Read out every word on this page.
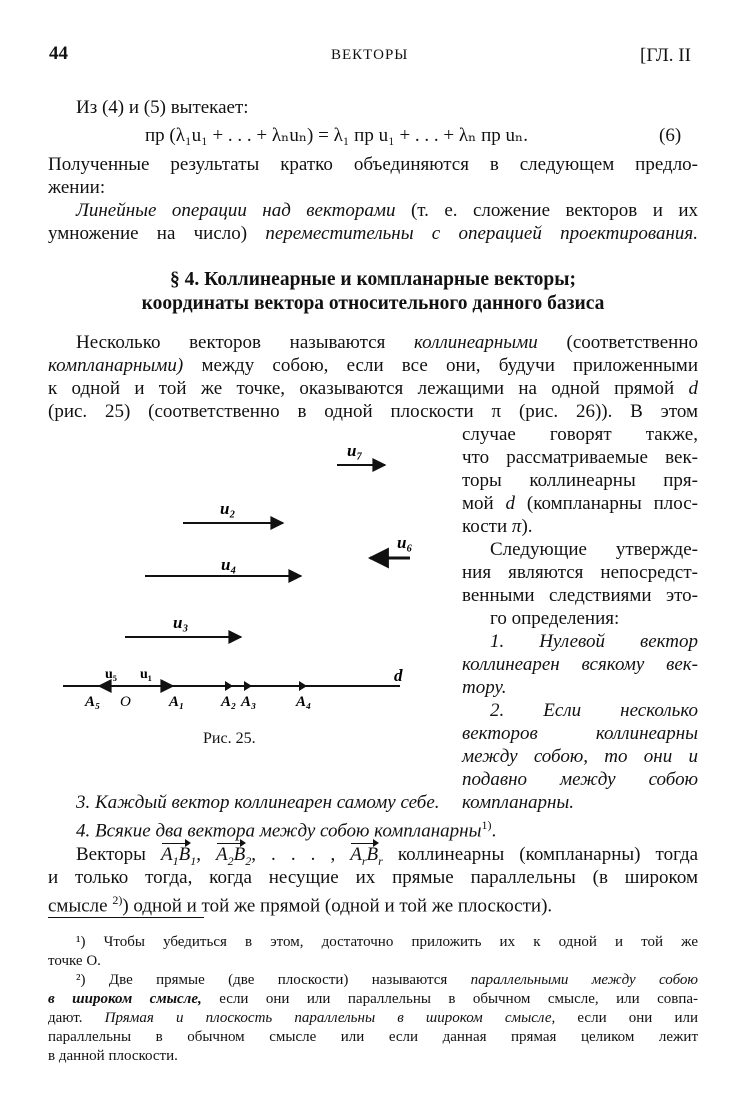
44	ВЕКТОРЫ	[ГЛ. II
Из (4) и (5) вытекает:
пр (λ₁u₁ + . . . + λₙuₙ) = λ₁ пр u₁ + . . . + λₙ пр uₙ.	(6)
Полученные результаты кратко объединяются в следующем предло-
жении:
Линейные операции над векторами (т. е. сложение векторов и их
умножение на число) переместительны с операцией проектирования.
§ 4. Коллинеарные и компланарные векторы;
координаты вектора относительного данного базиса
Несколько векторов называются коллинеарными (соответственно
компланарными) между собою, если все они, будучи приложенными
к одной и той же точке, оказываются лежащими на одной прямой d
(рис. 25) (соответственно в одной плоскости π (рис. 26)). В этом
случае говорят также,
что рассматриваемые век-
торы коллинеарны пря-
мой d (компланарны плос-
кости π).
Следующие утвержде-
ния являются непосредст-
венными следствиями это-
го определения:
1. Нулевой вектор
коллинеарен всякому век-
тору.
2. Если несколько
векторов коллинеарны
между собою, то они и
подавно между собою
компланарны.
u₇
u₂
u₆
u₄
u₃
d
u₅ u₁
A₅ O	A₁ A₂ A₃	A₄
Рис. 25.
3. Каждый вектор коллинеарен самому себе.
4. Всякие два вектора между собою компланарны$^{1)}$.
Векторы $A_1B_1$, $A_2B_2$, . . . , $A_rB_r$ коллинеарны (компланарны) тогда
и только тогда, когда несущие их прямые параллельны (в широком
смысле $^{2)}$) одной и той же прямой (одной и той же плоскости).
¹) Чтобы убедиться в этом, достаточно приложить их к одной и той же
точке O.
²) Две прямые (две плоскости) называются параллельными между собою
в широком смысле, если они или параллельны в обычном смысле, или совпа-
дают. Прямая и плоскость параллельны в широком смысле, если они или
параллельны в обычном смысле или если данная прямая целиком лежит
в данной плоскости.
